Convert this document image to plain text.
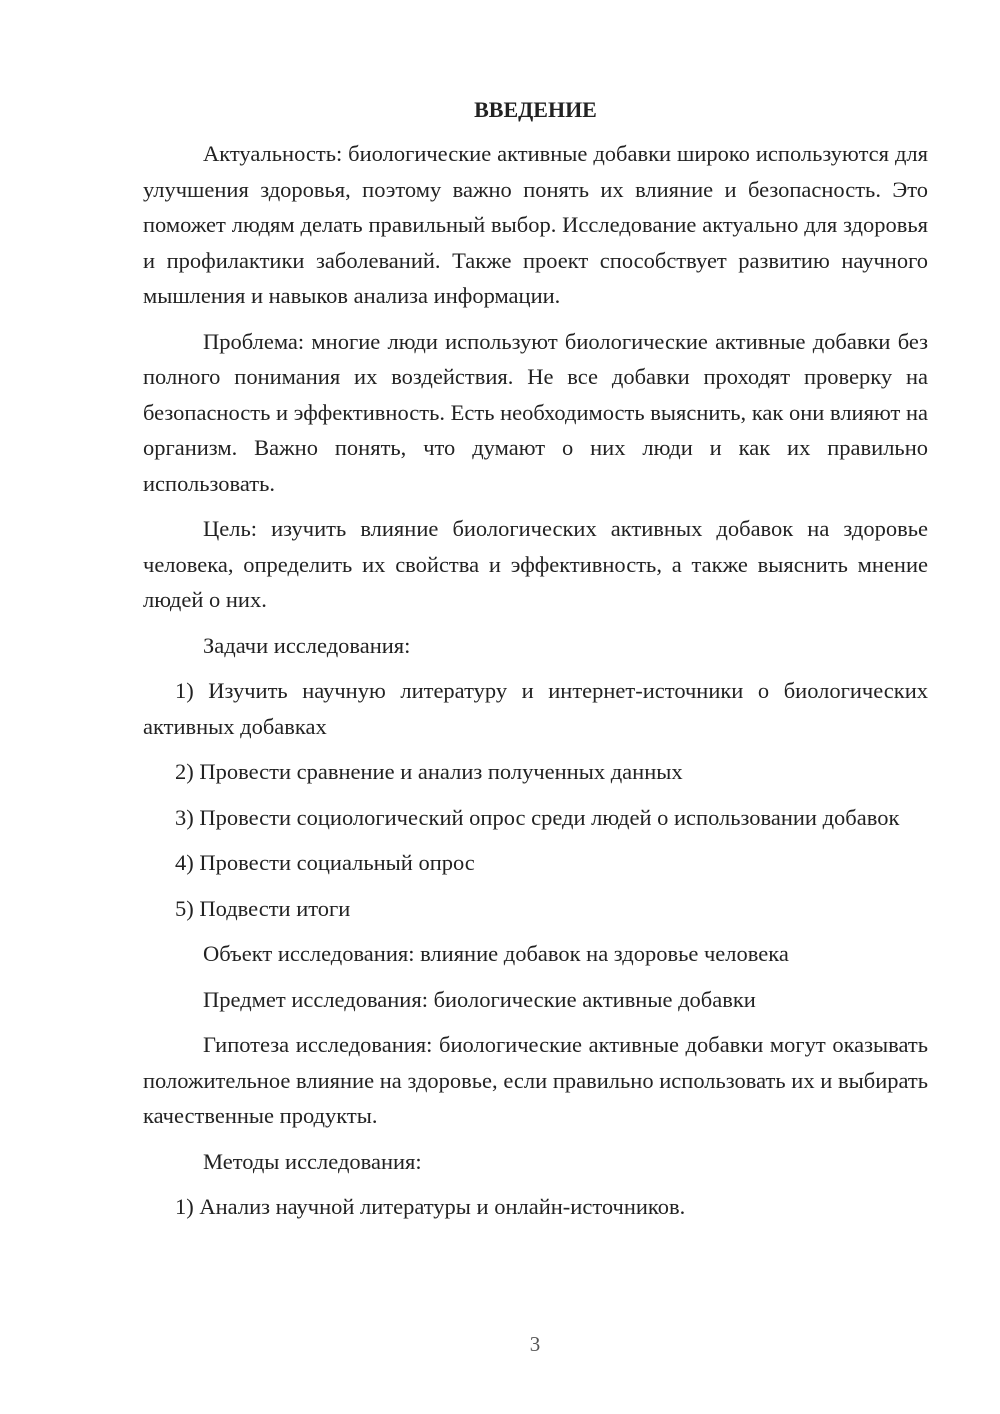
ВВЕДЕНИЕ

Актуальность: биологические активные добавки широко используются для улучшения здоровья, поэтому важно понять их влияние и безопасность. Это поможет людям делать правильный выбор. Исследование актуально для здоровья и профилактики заболеваний. Также проект способствует развитию научного мышления и навыков анализа информации.

Проблема: многие люди используют биологические активные добавки без полного понимания их воздействия. Не все добавки проходят проверку на безопасность и эффективность. Есть необходимость выяснить, как они влияют на организм. Важно понять, что думают о них люди и как их правильно использовать.

Цель: изучить влияние биологических активных добавок на здоровье человека, определить их свойства и эффективность, а также выяснить мнение людей о них.

Задачи исследования:

1) Изучить научную литературу и интернет-источники о биологических активных добавках

2) Провести сравнение и анализ полученных данных

3) Провести социологический опрос среди людей о использовании добавок

4) Провести социальный опрос

5) Подвести итоги

Объект исследования: влияние добавок на здоровье человека

Предмет исследования: биологические активные добавки

Гипотеза исследования: биологические активные добавки могут оказывать положительное влияние на здоровье, если правильно использовать их и выбирать качественные продукты.

Методы исследования:

1) Анализ научной литературы и онлайн-источников.

3
